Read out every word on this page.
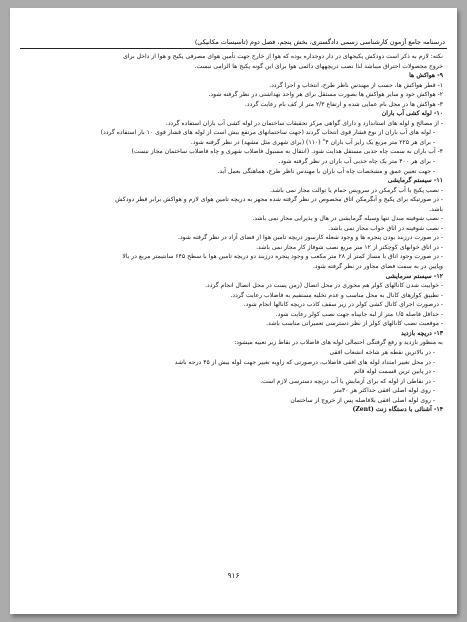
درسنامه جامع آزمون کارشناسی رسمی دادگستری، بخش پنجم، فصل دوم (تاسیسات مکانیکی)

نکته: لازم به ذکر است دودکش پکیجهای در دار دوجداره بوده که هوا از خارج جهت تأمین هوای مصرفی پکیج و هوا از داخل برای

خروج محصولات احتراق میباشد لذا نصب دریچههای دائمی هوا برای این گونه پکیج ها الزامی نیست.

۹- هواکش ها

۱- قطر هواکش ها، حسب از مهندس ناظر طرح، انتخاب و اجرا گردد.

۲- هواکش خود و سایر هواکش ها بصورت مستقل برای هر واحد بهداشتی در نظر گرفته شود.

۳- هواکش ها در محل بام عمایی شده و ارتفاع ۲/۳ متر از کف بام رعایت گردد.

۱۰- لوله کشی آب باران

- از مصالح و لوله های استاندارد و دارای گواهی مرکز تحقیقات ساختمان در لوله کشی آب باران استفاده گردد.

- لوله های آب باران از نوع فشار قوی انتخاب گردند (جهت ساختمانهای مرتفع بیش است از لوله های فشار قوی ۱۰ بار استفاده گردد)

- برای هر ۲۲۵ متر مربع یک رایز آب باران ۴" (۱۱۰) (برای شهری مثل مشهد) در نظر گرفته شود.

۴- آب باران به سمت چاه جذبی مستقل هدایت شود. (انتقال به مسیول فاضلاب شهری و چاه فاضلاب ساختمان مجاز نیست)

- برای هر ۴۰۰ متر یک چاه جذبی آب باران در نظر گرفته شود.

- جهت تعیین عمق و مشخصات چاه آب باران با مهندس ناظر طرح، هماهنگی بعمل آید.

۱۱- سیستم گرمایشی

- نصب پکیج یا آب گرمکن در سرویس حمام یا توالت مجاز نمی باشد.

- در صورتیکه برای پکیج و آبگرمکن اتاق مخصوص در نظر گرفته شده مجهز به دریچه تامین هوای لازم و هواکش برابر قطر دودکش

باشد.

- نصب شوفینه مبدل تنها وسیله گرمایشی در هال و پذیرایی مجاز نمی باشد.

- نصب شوفینه در اتاق خواب مجاز نمی باشد.

- در صورت درزبند بودن پنجره ها و وجود شعله کارسوز دریچه تامین هوا از فضای آزاد در نظر گرفته شود.

- در اتاق خوابهای کوچکتر از ۱۲ متر مربع نصب شوفاژ کار مجاز نمی باشد.

- در صورت وجود اتاق با مساژ کمتر از ۲۸ متر مکعب و وجود پنجره درزبند دو دریچه تامین هوا با سطح ۶۴۵ سانتیمتر مربع در بالا

وپایین در به سمت فضای مجاور در نظر گرفته شود.

۱۲- سیستم سرمایشی

- خوابیت شدن کانالهای کولر هم محوری در محل اتصال (زمن پست در محل اتصال انجام گردد.

- تطبیق کوارهای کانال به محل مناسب و عدم تخلیه مستقیم به فاضلاب رعایت گردد.

- درصورت اجرای کانال کشی کولر در زیر سقف کاذب دریچه کانالها انجام شود.

- حداقل فاصله ۱/۵ متر از لبه جانپناه جهت نصب کولر رعایت شود.

- موقعیت نصب کانالهای کولر از نظر دسترسی تعمیراتی مناسب باشد.

۱۳- دریچه بازدید

به منظور بازدید و رفع گرفتگی احتمالی لوله های فاضلاب در نقاط زیر تعبیه میشود:

- در بالاترین نقطه هر شاخه انشعاب افقی

- در محل تغییر امتداد لوله های افقی فاضلاب، درصورتی که زاویه تغییر جهت لوله بیش از ۴۵ درجه باشد

- در پایین ترین قسمت لوله قائم

- در نقاطی از لوله که برای آزمایش یا آب دریچه دسترسی لازم است.

- روی لوله اصلی افقی حداکثر هر ۳۰متر

- روی لوله اصلی افقی بلافاصله پس از خروج از ساختمان

۱۴- آشنائی با دستگاه زنت (Zent)

۹۱۶
